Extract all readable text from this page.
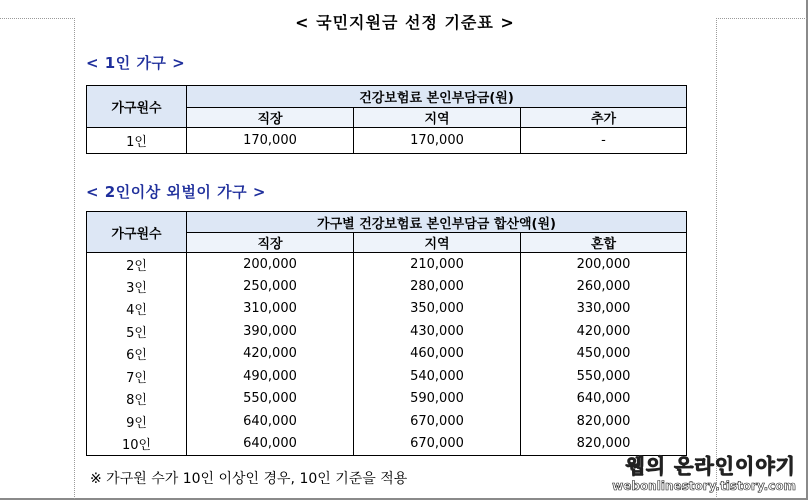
< 국민지원금 선정 기준표 >
< 1인 가구 >
가구원수	건강보험료 본인부담금(원)		
	직장	지역	추가
1인	170,000	170,000	-
< 2인이상 외벌이 가구 >
가구원수	가구별 건강보험료 본인부담금 합산액(원)		
	직장	지역	혼합
2인	200,000	210,000	200,000
3인	250,000	280,000	260,000
4인	310,000	350,000	330,000
5인	390,000	430,000	420,000
6인	420,000	460,000	450,000
7인	490,000	540,000	550,000
8인	550,000	590,000	640,000
9인	640,000	670,000	820,000
10인	640,000	670,000	820,000
※ 가구원 수가 10인 이상인 경우, 10인 기준을 적용
웹의 온라인이야기
webonlinestory.tistory.com
